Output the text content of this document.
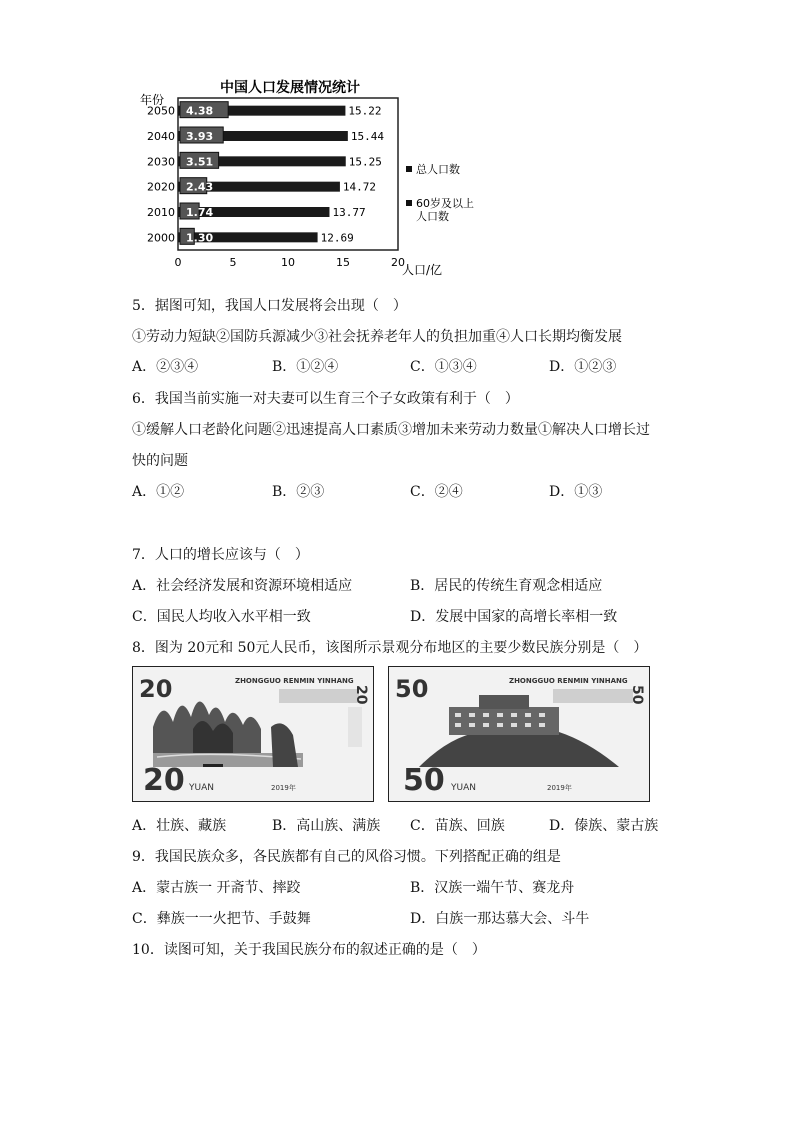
中国人口发展情况统计
年份
人口/亿
4.38	15.22
3.93	15.44
3.51	15.25
2.43	14.72
1.74	13.77
1.30	12.69
2050
2040
2030
2020
2010
2000
0	5	10	15	20
总人口数
60岁及以上人口数
5．据图可知，我国人口发展将会出现（　）
①劳动力短缺②国防兵源减少③社会抚养老年人的负担加重④人口长期均衡发展
A．②③④	B．①②④	C．①③④	D．①②③
6．我国当前实施一对夫妻可以生育三个子女政策有利于（　）
①缓解人口老龄化问题②迅速提高人口素质③增加未来劳动力数量①解决人口增长过
快的问题
A．①②	B．②③	C．②④	D．①③
7．人口的增长应该与（　）
A．社会经济发展和资源环境相适应	B．居民的传统生育观念相适应
C．国民人均收入水平相一致	D．发展中国家的高增长率相一致
8．图为 20元和 50元人民币，该图所示景观分布地区的主要少数民族分别是（　）
20	ZHONGGUO RENMIN YINHANG
20
20 YUAN	2019年
50	ZHONGGUO RENMIN YINHANG
50
50 YUAN	2019年
A．壮族、藏族	B．高山族、满族 C．苗族、回族	D．傣族、蒙古族
9．我国民族众多，各民族都有自己的风俗习惯。下列搭配正确的组是
A．蒙古族一 开斋节、摔跤	B．汉族一端午节、赛龙舟
C．彝族一一火把节、手鼓舞	D．白族一那达慕大会、斗牛
10．读图可知，关于我国民族分布的叙述正确的是（　）
